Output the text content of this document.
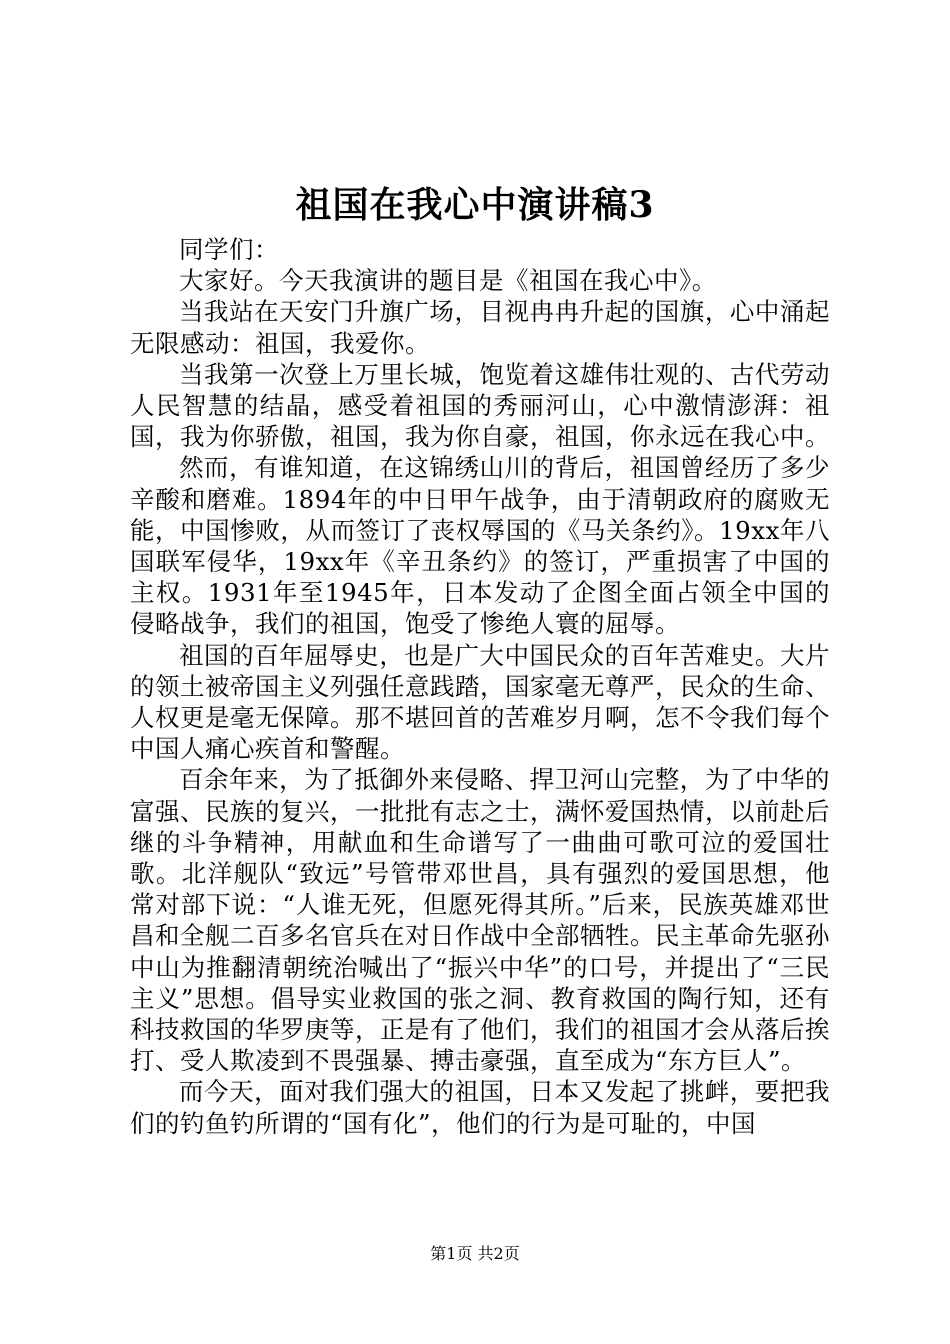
祖国在我心中演讲稿3

同学们：

大家好。今天我演讲的题目是《祖国在我心中》。

当我站在天安门升旗广场，目视冉冉升起的国旗，心中涌起无限感动：祖国，我爱你。

当我第一次登上万里长城，饱览着这雄伟壮观的、古代劳动人民智慧的结晶，感受着祖国的秀丽河山，心中激情澎湃：祖国，我为你骄傲，祖国，我为你自豪，祖国，你永远在我心中。

然而，有谁知道，在这锦绣山川的背后，祖国曾经历了多少辛酸和磨难。1894年的中日甲午战争，由于清朝政府的腐败无能，中国惨败，从而签订了丧权辱国的《马关条约》。19xx年八国联军侵华，19xx年《辛丑条约》的签订，严重损害了中国的主权。1931年至1945年，日本发动了企图全面占领全中国的侵略战争，我们的祖国，饱受了惨绝人寰的屈辱。

祖国的百年屈辱史，也是广大中国民众的百年苦难史。大片的领土被帝国主义列强任意践踏，国家毫无尊严，民众的生命、人权更是毫无保障。那不堪回首的苦难岁月啊，怎不令我们每个中国人痛心疾首和警醒。

百余年来，为了抵御外来侵略、捍卫河山完整，为了中华的富强、民族的复兴，一批批有志之士，满怀爱国热情，以前赴后继的斗争精神，用献血和生命谱写了一曲曲可歌可泣的爱国壮歌。北洋舰队“致远”号管带邓世昌，具有强烈的爱国思想，他常对部下说：“人谁无死，但愿死得其所。”后来，民族英雄邓世昌和全舰二百多名官兵在对日作战中全部牺牲。民主革命先驱孙中山为推翻清朝统治喊出了“振兴中华”的口号，并提出了“三民主义”思想。倡导实业救国的张之洞、教育救国的陶行知，还有科技救国的华罗庚等，正是有了他们，我们的祖国才会从落后挨打、受人欺凌到不畏强暴、搏击豪强，直至成为“东方巨人”。

而今天，面对我们强大的祖国，日本又发起了挑衅，要把我们的钓鱼钓所谓的“国有化”，他们的行为是可耻的，中国

第1页 共2页
